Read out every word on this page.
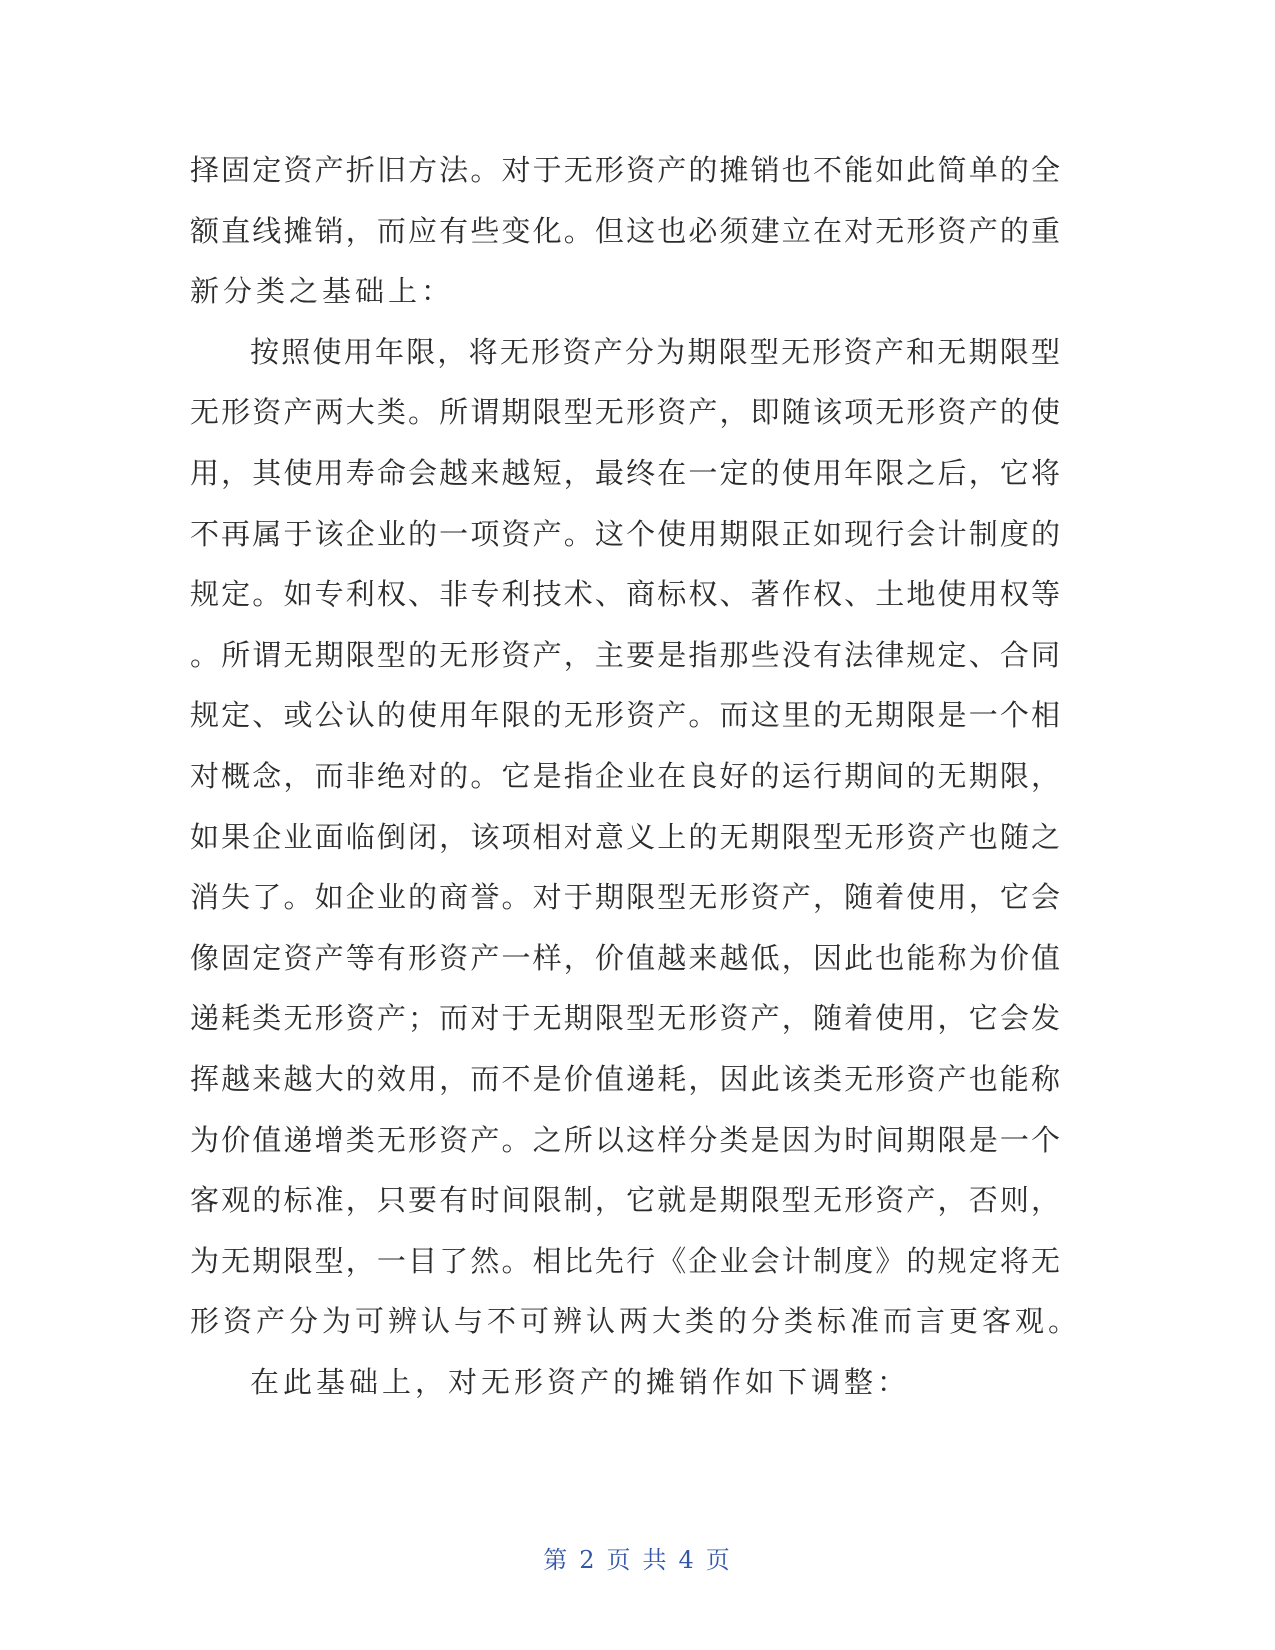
择固定资产折旧方法。对于无形资产的摊销也不能如此简单的全
额直线摊销，而应有些变化。但这也必须建立在对无形资产的重
新分类之基础上：
按照使用年限，将无形资产分为期限型无形资产和无期限型
无形资产两大类。所谓期限型无形资产，即随该项无形资产的使
用，其使用寿命会越来越短，最终在一定的使用年限之后，它将
不再属于该企业的一项资产。这个使用期限正如现行会计制度的
规定。如专利权、非专利技术、商标权、著作权、土地使用权等
。所谓无期限型的无形资产，主要是指那些没有法律规定、合同
规定、或公认的使用年限的无形资产。而这里的无期限是一个相
对概念，而非绝对的。它是指企业在良好的运行期间的无期限，
如果企业面临倒闭，该项相对意义上的无期限型无形资产也随之
消失了。如企业的商誉。对于期限型无形资产，随着使用，它会
像固定资产等有形资产一样，价值越来越低，因此也能称为价值
递耗类无形资产；而对于无期限型无形资产，随着使用，它会发
挥越来越大的效用，而不是价值递耗，因此该类无形资产也能称
为价值递增类无形资产。之所以这样分类是因为时间期限是一个
客观的标准，只要有时间限制，它就是期限型无形资产，否则，
为无期限型，一目了然。相比先行《企业会计制度》的规定将无
形资产分为可辨认与不可辨认两大类的分类标准而言更客观。
在此基础上，对无形资产的摊销作如下调整：
第 2 页 共 4 页
